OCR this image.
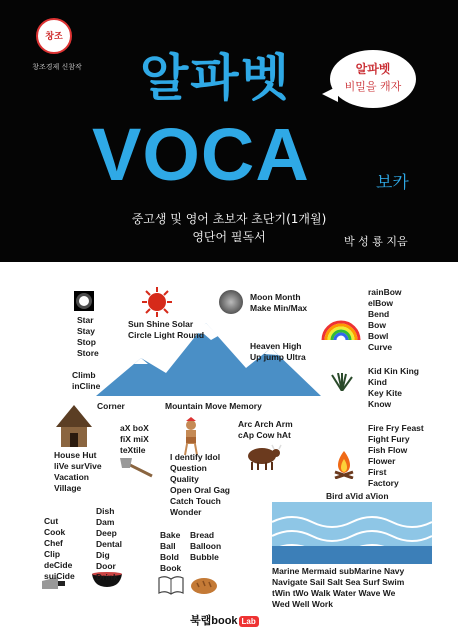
창조
창조경제 신참작 알파벳	알파벳
비밀을 캐자
VOCA	보카
중고생 및 영어 초보자 초단기(1개월)
영단어 필독서	박 성 룡 지음
Star
Stay
Stop
Store
Sun Shine Solar
Circle Light Round
Moon Month
Make Min/Max
rainBow
elBow
Bend
Bow
Bowl
Curve
Heaven High
Up jump Ultra
Climb
inCline
Corner	Mountain Move Memory
Kid Kin King
Kind
Key Kite
Know
House Hut
liVe surVive
Vacation
Village
aX boX
fiX miX
teXtile
I dentify Idol
Question
Quality
Open Oral Gag
Catch Touch
Wonder
Arc Arch Arm
cAp Cow hAt
Fire Fry Feast
Fight Fury
Fish Flow
Flower
First
Factory
Bird aVid aVion
Cut
Cook
Chef
Clip
deCide
suiCide
Dish
Dam
Deep
Dental
Dig
Door
Drink
Bake
Ball
Bold
Book
Bread
Balloon
Bubble
Marine Mermaid subMarine Navy
Navigate Sail Salt Sea Surf Swim
tWin tWo Walk Water Wave We
Wed Well Work
북랩book Lab
